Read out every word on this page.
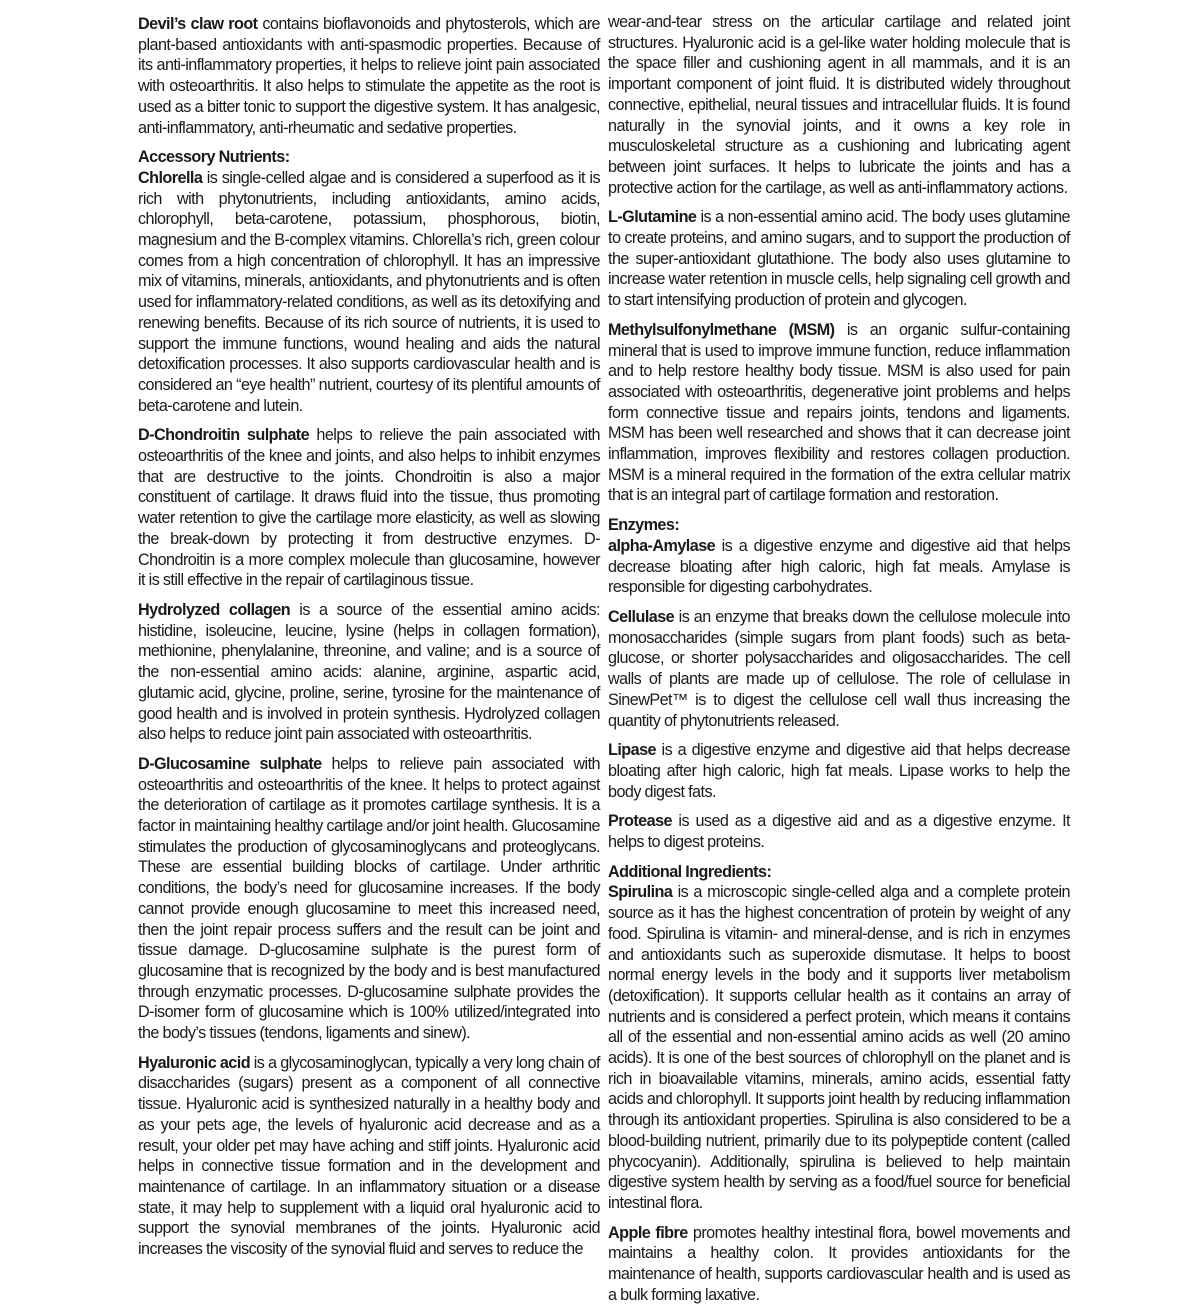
Devil’s claw root contains bioflavonoids and phytosterols, which are plant-based antioxidants with anti-spasmodic properties. Because of its anti-inflammatory properties, it helps to relieve joint pain associated with osteoarthritis. It also helps to stimulate the appetite as the root is used as a bitter tonic to support the digestive system. It has analgesic, anti-inflammatory, anti-rheumatic and sedative properties.

Accessory Nutrients:

Chlorella is single-celled algae and is considered a superfood as it is rich with phytonutrients, including antioxidants, amino acids, chlorophyll, beta-carotene, potassium, phosphorous, biotin, magnesium and the B-complex vitamins. Chlorella’s rich, green colour comes from a high concentration of chlorophyll. It has an impressive mix of vitamins, minerals, antioxidants, and phytonutrients and is often used for inflammatory-related conditions, as well as its detoxifying and renewing benefits. Because of its rich source of nutrients, it is used to support the immune functions, wound healing and aids the natural detoxification processes. It also supports cardiovascular health and is considered an “eye health” nutrient, courtesy of its plentiful amounts of beta-carotene and lutein.

D-Chondroitin sulphate helps to relieve the pain associated with osteoarthritis of the knee and joints, and also helps to inhibit enzymes that are destructive to the joints. Chondroitin is also a major constituent of cartilage. It draws fluid into the tissue, thus promoting water retention to give the cartilage more elasticity, as well as slowing the break-down by protecting it from destructive enzymes. D-Chondroitin is a more complex molecule than glucosamine, however it is still effective in the repair of cartilaginous tissue.

Hydrolyzed collagen is a source of the essential amino acids: histidine, isoleucine, leucine, lysine (helps in collagen formation), methionine, phenylalanine, threonine, and valine; and is a source of the non-essential amino acids: alanine, arginine, aspartic acid, glutamic acid, glycine, proline, serine, tyrosine for the maintenance of good health and is involved in protein synthesis. Hydrolyzed collagen also helps to reduce joint pain associated with osteoarthritis.

D-Glucosamine sulphate helps to relieve pain associated with osteoarthritis and osteoarthritis of the knee. It helps to protect against the deterioration of cartilage as it promotes cartilage synthesis. It is a factor in maintaining healthy cartilage and/or joint health. Glucosamine stimulates the production of glycosaminoglycans and proteoglycans. These are essential building blocks of cartilage. Under arthritic conditions, the body’s need for glucosamine increases. If the body cannot provide enough glucosamine to meet this increased need, then the joint repair process suffers and the result can be joint and tissue damage. D-glucosamine sulphate is the purest form of glucosamine that is recognized by the body and is best manufactured through enzymatic processes. D-glucosamine sulphate provides the D-isomer form of glucosamine which is 100% utilized/integrated into the body’s tissues (tendons, ligaments and sinew).

Hyaluronic acid is a glycosaminoglycan, typically a very long chain of disaccharides (sugars) present as a component of all connective tissue. Hyaluronic acid is synthesized naturally in a healthy body and as your pets age, the levels of hyaluronic acid decrease and as a result, your older pet may have aching and stiff joints. Hyaluronic acid helps in connective tissue formation and in the development and maintenance of cartilage. In an inflammatory situation or a disease state, it may help to supplement with a liquid oral hyaluronic acid to support the synovial membranes of the joints. Hyaluronic acid increases the viscosity of the synovial fluid and serves to reduce the

wear-and-tear stress on the articular cartilage and related joint structures. Hyaluronic acid is a gel-like water holding molecule that is the space filler and cushioning agent in all mammals, and it is an important component of joint fluid. It is distributed widely throughout connective, epithelial, neural tissues and intracellular fluids. It is found naturally in the synovial joints, and it owns a key role in musculoskeletal structure as a cushioning and lubricating agent between joint surfaces. It helps to lubricate the joints and has a protective action for the cartilage, as well as anti-inflammatory actions.

L-Glutamine is a non-essential amino acid. The body uses glutamine to create proteins, and amino sugars, and to support the production of the super-antioxidant glutathione. The body also uses glutamine to increase water retention in muscle cells, help signaling cell growth and to start intensifying production of protein and glycogen.

Methylsulfonylmethane (MSM) is an organic sulfur-containing mineral that is used to improve immune function, reduce inflammation and to help restore healthy body tissue. MSM is also used for pain associated with osteoarthritis, degenerative joint problems and helps form connective tissue and repairs joints, tendons and ligaments. MSM has been well researched and shows that it can decrease joint inflammation, improves flexibility and restores collagen production. MSM is a mineral required in the formation of the extra cellular matrix that is an integral part of cartilage formation and restoration.

Enzymes:

alpha-Amylase is a digestive enzyme and digestive aid that helps decrease bloating after high caloric, high fat meals. Amylase is responsible for digesting carbohydrates.

Cellulase is an enzyme that breaks down the cellulose molecule into monosaccharides (simple sugars from plant foods) such as beta-glucose, or shorter polysaccharides and oligosaccharides. The cell walls of plants are made up of cellulose. The role of cellulase in SinewPet™ is to digest the cellulose cell wall thus increasing the quantity of phytonutrients released.

Lipase is a digestive enzyme and digestive aid that helps decrease bloating after high caloric, high fat meals. Lipase works to help the body digest fats.

Protease is used as a digestive aid and as a digestive enzyme. It helps to digest proteins.

Additional Ingredients:

Spirulina is a microscopic single-celled alga and a complete protein source as it has the highest concentration of protein by weight of any food. Spirulina is vitamin- and mineral-dense, and is rich in enzymes and antioxidants such as superoxide dismutase. It helps to boost normal energy levels in the body and it supports liver metabolism (detoxification). It supports cellular health as it contains an array of nutrients and is considered a perfect protein, which means it contains all of the essential and non-essential amino acids as well (20 amino acids). It is one of the best sources of chlorophyll on the planet and is rich in bioavailable vitamins, minerals, amino acids, essential fatty acids and chlorophyll. It supports joint health by reducing inflammation through its antioxidant properties. Spirulina is also considered to be a blood-building nutrient, primarily due to its polypeptide content (called phycocyanin). Additionally, spirulina is believed to help maintain digestive system health by serving as a food/fuel source for beneficial intestinal flora.

Apple fibre promotes healthy intestinal flora, bowel movements and maintains a healthy colon. It provides antioxidants for the maintenance of health, supports cardiovascular health and is used as a bulk forming laxative.
